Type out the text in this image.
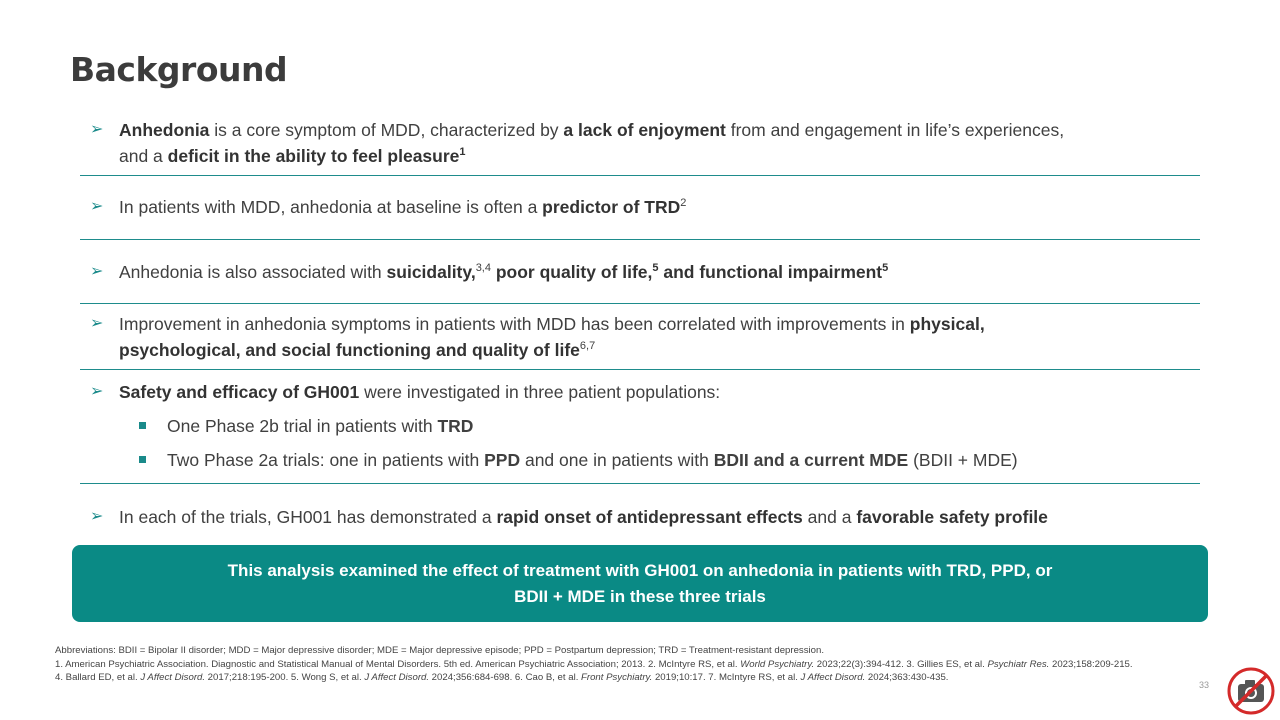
Background
➢ Anhedonia is a core symptom of MDD, characterized by a lack of enjoyment from and engagement in life’s experiences,
and a deficit in the ability to feel pleasure$^1$
➢ In patients with MDD, anhedonia at baseline is often a predictor of TRD$^2$
➢ Anhedonia is also associated with suicidality,$^{3,4}$ poor quality of life,$^5$ and functional impairment$^5$
➢ Improvement in anhedonia symptoms in patients with MDD has been correlated with improvements in physical,
psychological, and social functioning and quality of life$^{6,7}$
➢ Safety and efficacy of GH001 were investigated in three patient populations:
One Phase 2b trial in patients with TRD
Two Phase 2a trials: one in patients with PPD and one in patients with BDII and a current MDE (BDII + MDE)
➢ In each of the trials, GH001 has demonstrated a rapid onset of antidepressant effects and a favorable safety profile
This analysis examined the effect of treatment with GH001 on anhedonia in patients with TRD, PPD, or
BDII + MDE in these three trials
Abbreviations: BDII = Bipolar II disorder; MDD = Major depressive disorder; MDE = Major depressive episode; PPD = Postpartum depression; TRD = Treatment-resistant depression.
1. American Psychiatric Association. Diagnostic and Statistical Manual of Mental Disorders. 5th ed. American Psychiatric Association; 2013. 2. McIntyre RS, et al. World Psychiatry. 2023;22(3):394-412. 3. Gillies ES, et al. Psychiatr Res. 2023;158:209-215. 4. Ballard ED, et al. J Affect Disord. 2017;218:195-200. 5. Wong S, et al. J Affect Disord. 2024;356:684-698. 6. Cao B, et al. Front Psychiatry. 2019;10:17. 7. McIntyre RS, et al. J Affect Disord. 2024;363:430-435.
33
